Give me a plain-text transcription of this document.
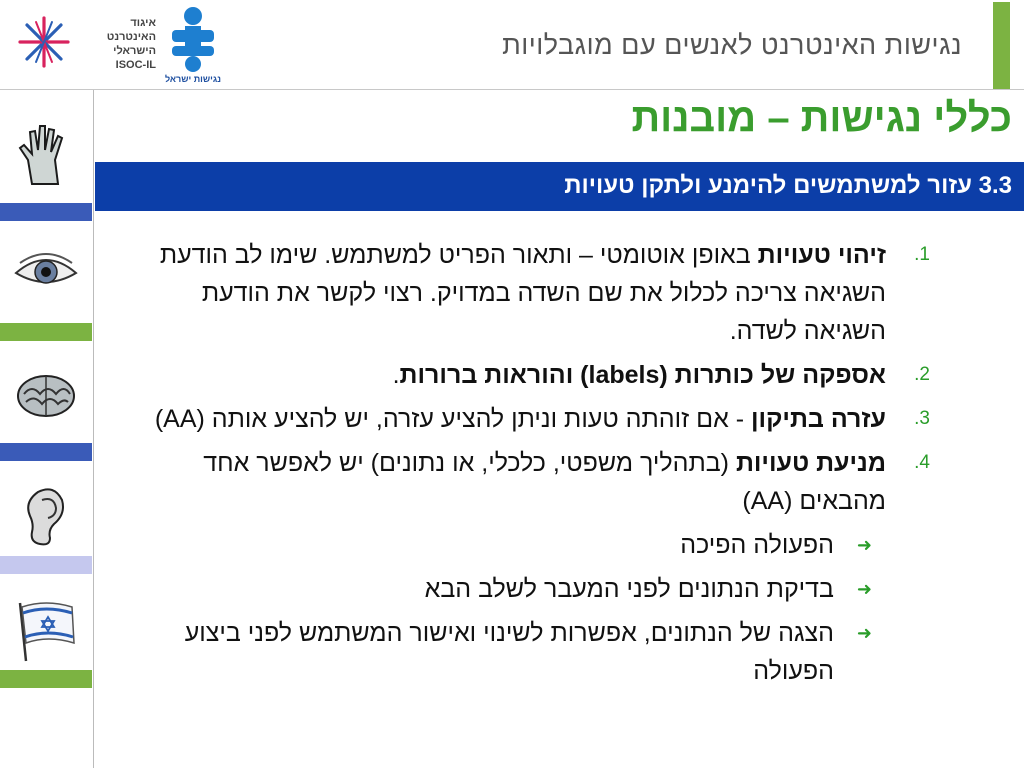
איגוד
האינטרנט
הישראלי
ISOC-IL
נגישות ישראל
נגישות האינטרנט לאנשים עם מוגבלויות
כללי נגישות – מובנות
3.3 עזור למשתמשים להימנע ולתקן טעויות
1.
זיהוי טעויות באופן אוטומטי – ותאור הפריט למשתמש. שימו לב הודעת השגיאה צריכה לכלול את שם השדה במדויק. רצוי לקשר את הודעת השגיאה לשדה.
2.
אספקה של כותרות (labels) והוראות ברורות.
3.
עזרה בתיקון - אם זוהתה טעות וניתן להציע עזרה, יש להציע אותה (AA)
4.
מניעת טעויות (בתהליך משפטי, כלכלי, או נתונים) יש לאפשר אחד מהבאים (AA)
➜
הפעולה הפיכה
➜
בדיקת הנתונים לפני המעבר לשלב הבא
➜
הצגה של הנתונים, אפשרות לשינוי ואישור המשתמש לפני ביצוע הפעולה
